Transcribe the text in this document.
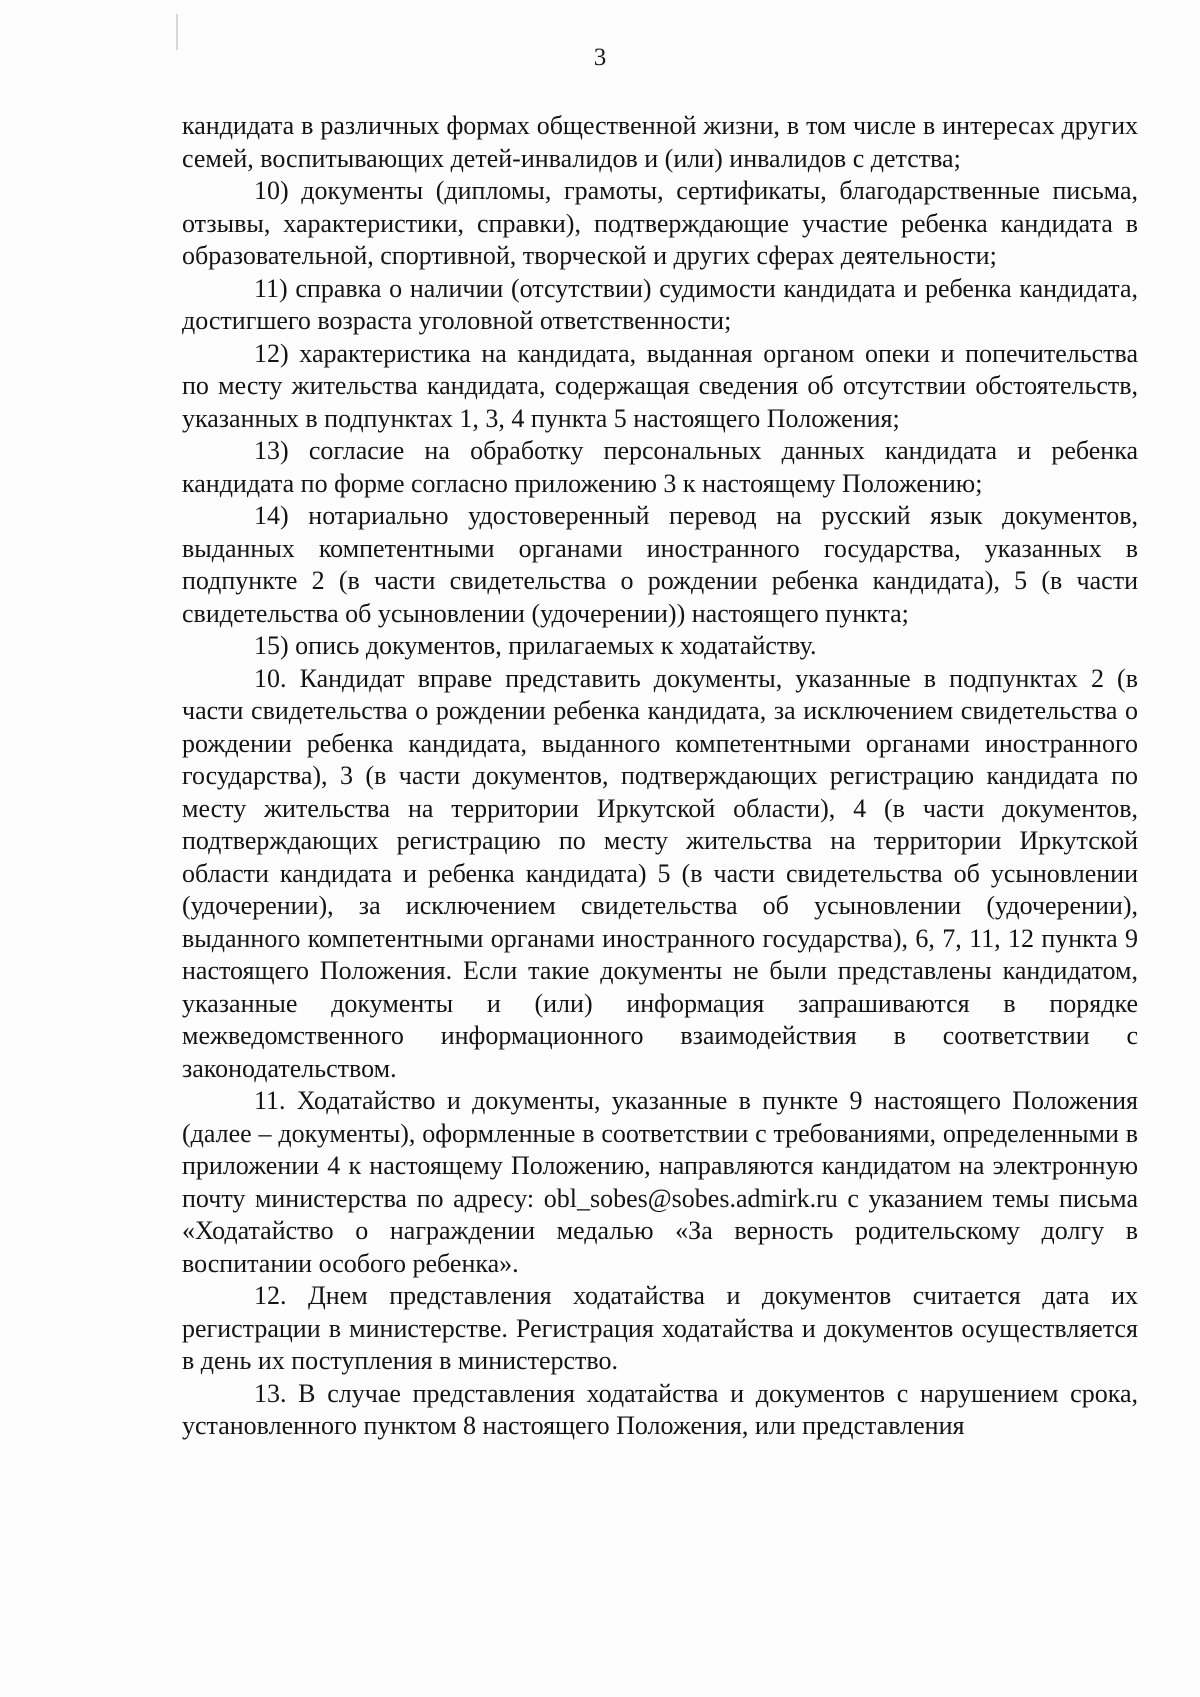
3

кандидата в различных формах общественной жизни, в том числе в интересах других семей, воспитывающих детей-инвалидов и (или) инвалидов с детства;

10) документы (дипломы, грамоты, сертификаты, благодарственные письма, отзывы, характеристики, справки), подтверждающие участие ребенка кандидата в образовательной, спортивной, творческой и других сферах деятельности;

11) справка о наличии (отсутствии) судимости кандидата и ребенка кандидата, достигшего возраста уголовной ответственности;

12) характеристика на кандидата, выданная органом опеки и попечительства по месту жительства кандидата, содержащая сведения об отсутствии обстоятельств, указанных в подпунктах 1, 3, 4 пункта 5 настоящего Положения;

13) согласие на обработку персональных данных кандидата и ребенка кандидата по форме согласно приложению 3 к настоящему Положению;

14) нотариально удостоверенный перевод на русский язык документов, выданных компетентными органами иностранного государства, указанных в подпункте 2 (в части свидетельства о рождении ребенка кандидата), 5 (в части свидетельства об усыновлении (удочерении)) настоящего пункта;

15) опись документов, прилагаемых к ходатайству.

10. Кандидат вправе представить документы, указанные в подпунктах 2 (в части свидетельства о рождении ребенка кандидата, за исключением свидетельства о рождении ребенка кандидата, выданного компетентными органами иностранного государства), 3 (в части документов, подтверждающих регистрацию кандидата по месту жительства на территории Иркутской области), 4 (в части документов, подтверждающих регистрацию по месту жительства на территории Иркутской области кандидата и ребенка кандидата) 5 (в части свидетельства об усыновлении (удочерении), за исключением свидетельства об усыновлении (удочерении), выданного компетентными органами иностранного государства), 6, 7, 11, 12 пункта 9 настоящего Положения. Если такие документы не были представлены кандидатом, указанные документы и (или) информация запрашиваются в порядке межведомственного информационного взаимодействия в соответствии с законодательством.

11. Ходатайство и документы, указанные в пункте 9 настоящего Положения (далее – документы), оформленные в соответствии с требованиями, определенными в приложении 4 к настоящему Положению, направляются кандидатом на электронную почту министерства по адресу: obl_sobes@sobes.admirk.ru с указанием темы письма «Ходатайство о награждении медалью «За верность родительскому долгу в воспитании особого ребенка».

12. Днем представления ходатайства и документов считается дата их регистрации в министерстве. Регистрация ходатайства и документов осуществляется в день их поступления в министерство.

13. В случае представления ходатайства и документов с нарушением срока, установленного пунктом 8 настоящего Положения, или представления
